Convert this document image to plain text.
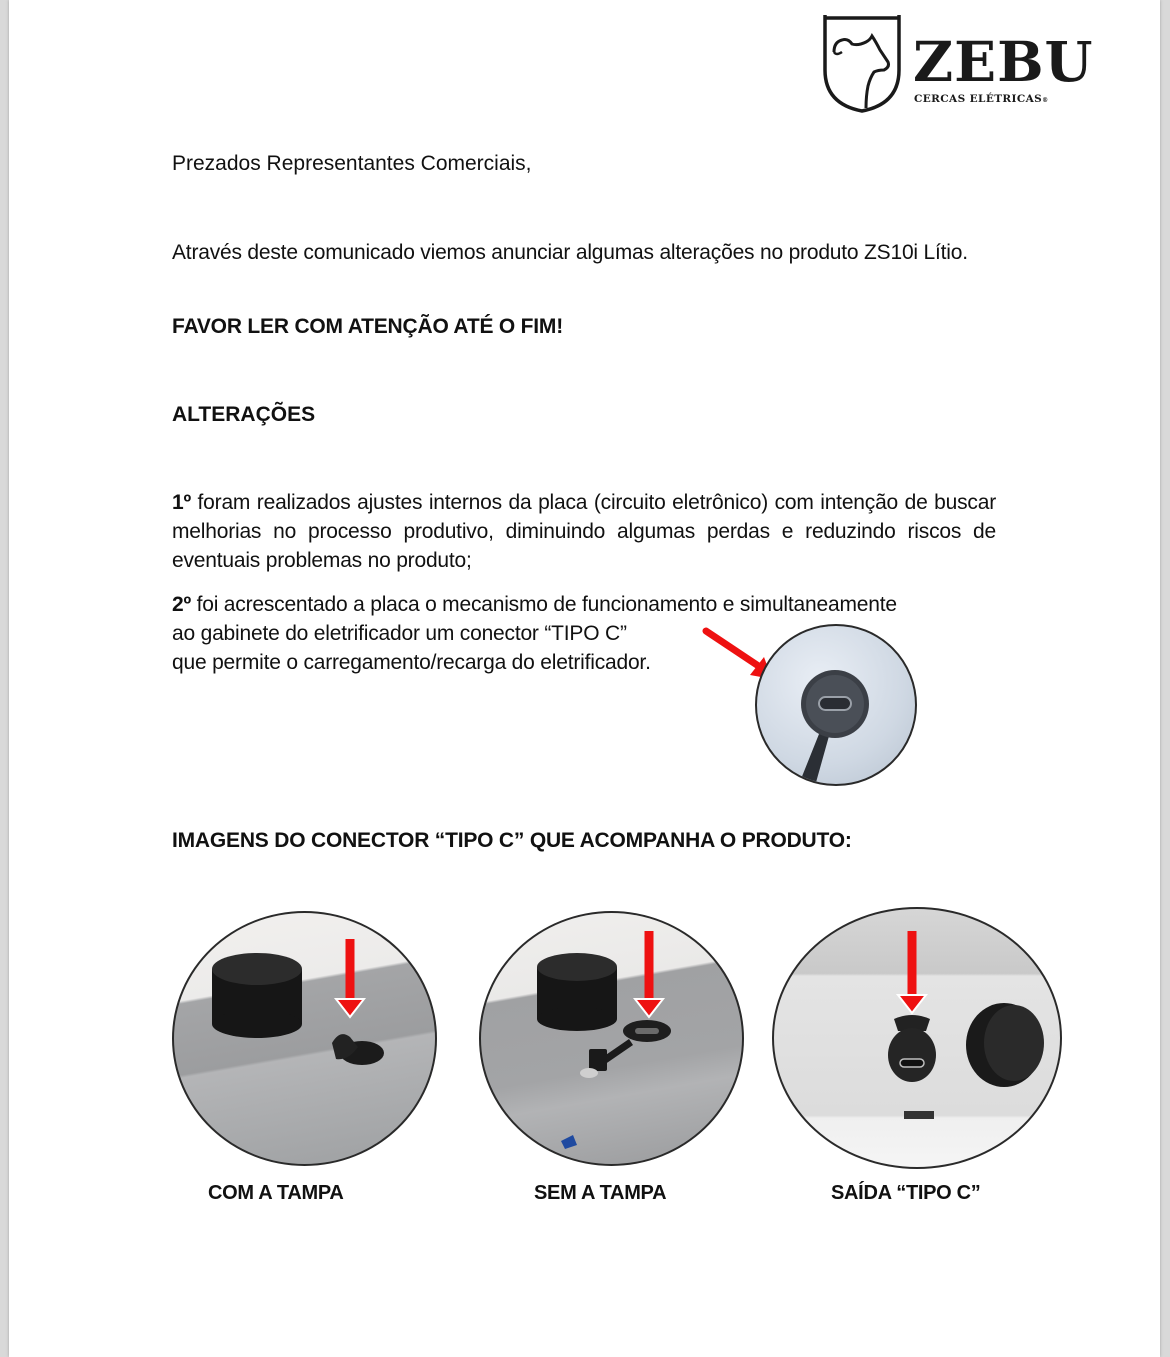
ZEBU
CERCAS ELÉTRICAS®
Prezados Representantes Comerciais,
Através deste comunicado viemos anunciar algumas alterações no produto ZS10i Lítio.
FAVOR LER COM ATENÇÃO ATÉ O FIM!
ALTERAÇÕES
1º foram realizados ajustes internos da placa (circuito eletrônico) com intenção de buscar melhorias no processo produtivo, diminuindo algumas perdas e reduzindo riscos de eventuais problemas no produto;
2º foi acrescentado a placa o mecanismo de funcionamento e simultaneamente
ao gabinete do eletrificador um conector “TIPO C”
que permite o carregamento/recarga do eletrificador.
IMAGENS DO CONECTOR “TIPO C” QUE ACOMPANHA O PRODUTO:
COM A TAMPA	SEM A TAMPA	SAÍDA “TIPO C”
